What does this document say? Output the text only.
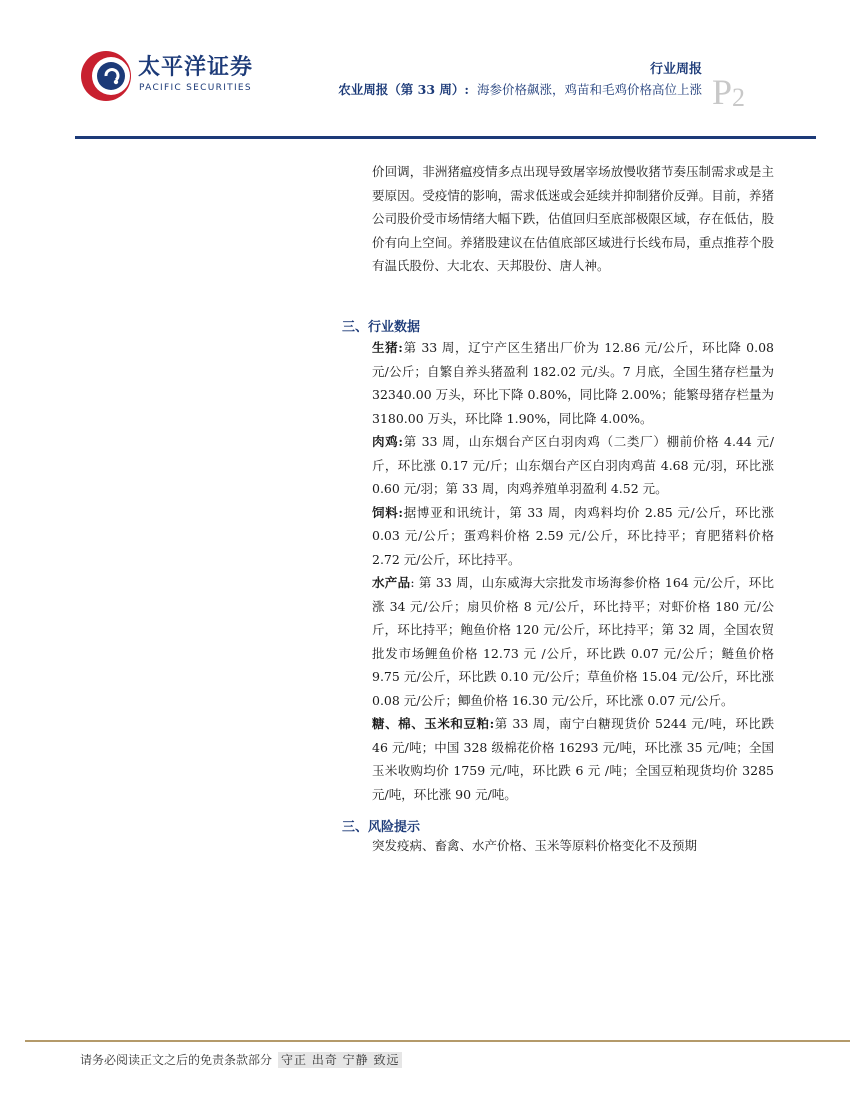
太平洋证券
PACIFIC SECURITIES
行业周报
农业周报（第 33 周）: 海参价格飙涨，鸡苗和毛鸡价格高位上涨 $P_2$

价回调，非洲猪瘟疫情多点出现导致屠宰场放慢收猪节奏压制需求或是主要原因。受疫情的影响，需求低迷或会延续并抑制猪价反弹。目前，养猪公司股价受市场情绪大幅下跌，估值回归至底部极限区域，存在低估，股价有向上空间。养猪股建议在估值底部区域进行长线布局，重点推荐个股有温氏股份、大北农、天邦股份、唐人神。

三、行业数据

生猪:第 33 周，辽宁产区生猪出厂价为 12.86 元/公斤，环比降 0.08 元/公斤；自繁自养头猪盈利 182.02 元/头。7 月底，全国生猪存栏量为 32340.00 万头，环比下降 0.80%，同比降 2.00%；能繁母猪存栏量为 3180.00 万头，环比降 1.90%，同比降 4.00%。

肉鸡:第 33 周，山东烟台产区白羽肉鸡（二类厂）棚前价格 4.44 元/斤，环比涨 0.17 元/斤；山东烟台产区白羽肉鸡苗 4.68 元/羽，环比涨 0.60 元/羽；第 33 周，肉鸡养殖单羽盈利 4.52 元。

饲料:据博亚和讯统计，第 33 周，肉鸡料均价 2.85 元/公斤，环比涨 0.03 元/公斤；蛋鸡料价格 2.59 元/公斤，环比持平；育肥猪料价格 2.72 元/公斤，环比持平。

水产品: 第 33 周，山东威海大宗批发市场海参价格 164 元/公斤，环比涨 34 元/公斤；扇贝价格 8 元/公斤，环比持平；对虾价格 180 元/公斤，环比持平；鲍鱼价格 120 元/公斤，环比持平；第 32 周，全国农贸批发市场鲤鱼价格 12.73 元 /公斤，环比跌 0.07 元/公斤；鲢鱼价格 9.75 元/公斤，环比跌 0.10 元/公斤；草鱼价格 15.04 元/公斤，环比涨 0.08 元/公斤；鲫鱼价格 16.30 元/公斤，环比涨 0.07 元/公斤。

糖、棉、玉米和豆粕:第 33 周，南宁白糖现货价 5244 元/吨，环比跌 46 元/吨；中国 328 级棉花价格 16293 元/吨，环比涨 35 元/吨；全国玉米收购均价 1759 元/吨，环比跌 6 元 /吨；全国豆粕现货均价 3285 元/吨，环比涨 90 元/吨。

三、风险提示

突发疫病、畜禽、水产价格、玉米等原料价格变化不及预期

请务必阅读正文之后的免责条款部分 守正 出奇 宁静 致远
